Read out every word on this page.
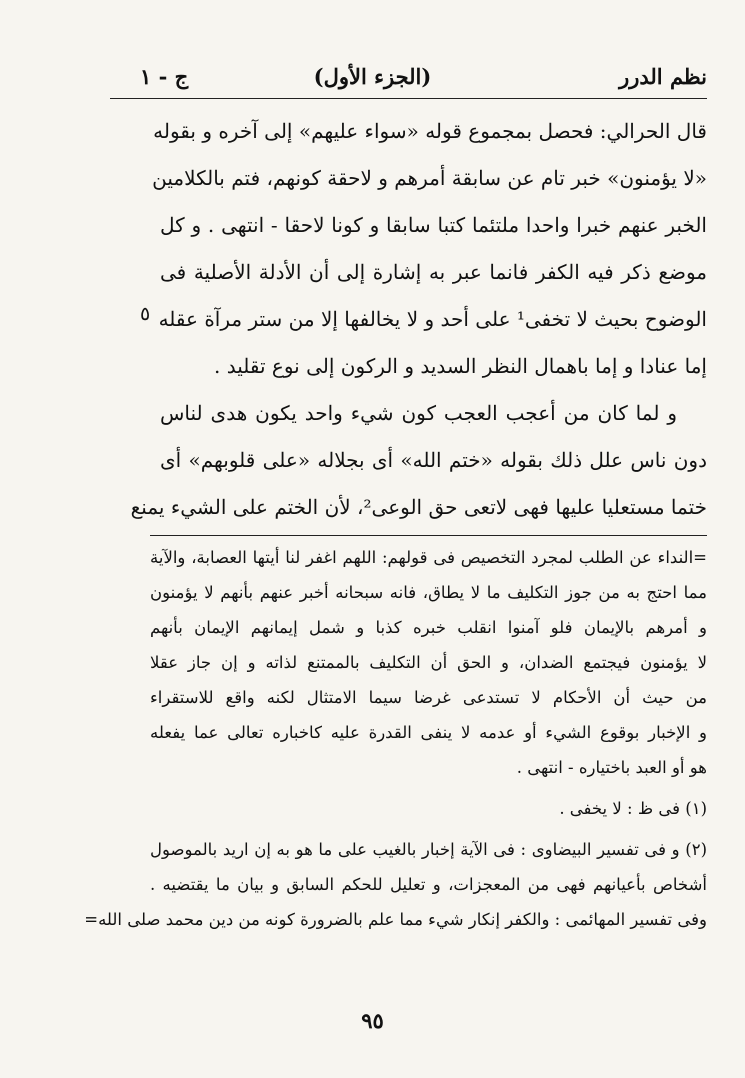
نظم الدرر
(الجزء الأول)
ج - ١
قال الحرالي: فحصل بمجموع قوله «سواء عليهم» إلى آخره و بقوله
«لا يؤمنون» خبر تام عن سابقة أمرهم و لاحقة كونهم، فتم بالكلامين
الخبر عنهم خبرا واحدا ملتئما كتبا سابقا و كونا لاحقا - انتهى . و كل
موضع ذكر فيه الكفر فانما عبر به إشارة إلى أن الأدلة الأصلية فى
الوضوح بحيث لا تخفى¹ على أحد و لا يخالفها إلا من ستر مرآة عقله
إما عنادا و إما باهمال النظر السديد و الركون إلى نوع تقليد .
و لما كان من أعجب العجب كون شيء واحد يكون هدى لناس
دون ناس علل ذلك بقوله «ختم الله» أى بجلاله «على قلوبهم» أى
ختما مستعليا عليها فهى لاتعى حق الوعى²، لأن الختم على الشيء يمنع
٥
=النداء عن الطلب لمجرد التخصيص فى قولهم: اللهم اغفر لنا أيتها العصابة، والآية
مما احتج به من جوز التكليف ما لا يطاق، فانه سبحانه أخبر عنهم بأنهم لا يؤمنون
و أمرهم بالإيمان فلو آمنوا انقلب خبره كذبا و شمل إيمانهم الإيمان بأنهم
لا يؤمنون فيجتمع الضدان، و الحق أن التكليف بالممتنع لذاته و إن جاز عقلا
من حيث أن الأحكام لا تستدعى غرضا سيما الامتثال لكنه واقع للاستقراء
و الإخبار بوقوع الشيء أو عدمه لا ينفى القدرة عليه كاخباره تعالى عما يفعله
هو أو العبد باختياره - انتهى .
(١) فى ظ : لا يخفى .
(٢) و فى تفسير البيضاوى : فى الآية إخبار بالغيب على ما هو به إن اريد بالموصول
أشخاص بأعيانهم فهى من المعجزات، و تعليل للحكم السابق و بيان ما يقتضيه .
وفى تفسير المهائمى : والكفر إنكار شيء مما علم بالضرورة كونه من دين محمد صلى الله=
٩٥
